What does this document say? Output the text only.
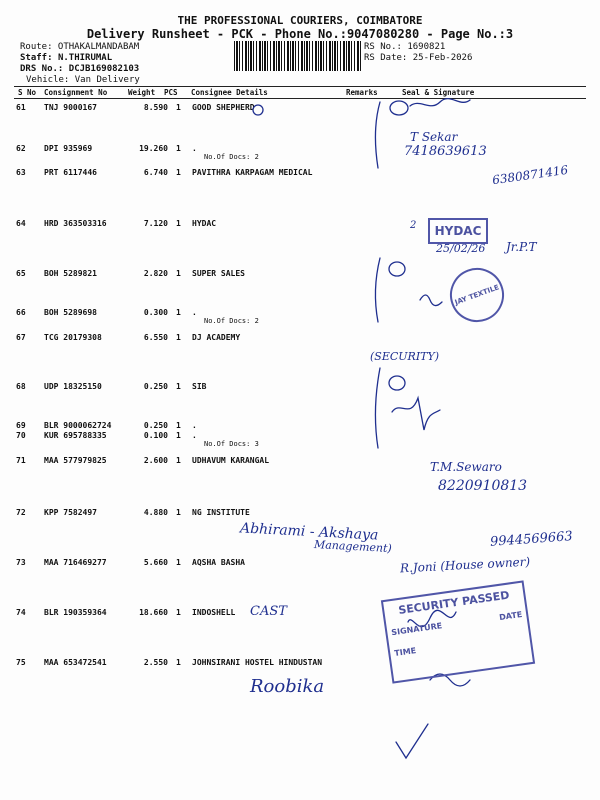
THE PROFESSIONAL COURIERS, COIMBATORE
Delivery Runsheet - PCK - Phone No.:9047080280 - Page No.:3
Route: OTHAKALMANDABAM
Staff: N.THIRUMAL
DRS No.: DCJB169082103
Vehicle: Van Delivery
RS No.: 1690821
RS Date: 25-Feb-2026
S No Consignment No	Weight PCS Consignee Details	Remarks	Seal & Signature
61 TNJ 9000167	8.590 1 GOOD SHEPHERD
62 DPI 935969	19.260 1 .
No.Of Docs: 2
63 PRT 6117446	6.740 1 PAVITHRA KARPAGAM MEDICAL
64 HRD 363503316	7.120 1 HYDAC
65 BOH 5289821	2.820 1 SUPER SALES
66 BOH 5289698	0.300 1 .
No.Of Docs: 2
67 TCG 20179308	6.550 1 DJ ACADEMY
68 UDP 18325150	0.250 1 SIB
69 BLR 9000062724	0.250 1 .
70 KUR 695788335	0.100 1 .
No.Of Docs: 3
71 MAA 577979825	2.600 1 UDHAVUM KARANGAL
72 KPP 7582497	4.880 1 NG INSTITUTE
73 MAA 716469277	5.660 1 AQSHA BASHA
74 BLR 190359364	18.660 1 INDOSHELL
75 MAA 653472541	2.550 1 JOHNSIRANI HOSTEL HINDUSTAN
T Sekar
7418639613
6380871416
25/02/26 Jr.P.T
(SECURITY)
T.M.Sewaro
8220910813
Abhirami - Akshaya
Management)	9944569663
R.Joni (House owner)
CAST
Roobika
2	HYDAC
JAY TEXTILE
SECURITY PASSED
SIGNATURE
DATE
TIME
